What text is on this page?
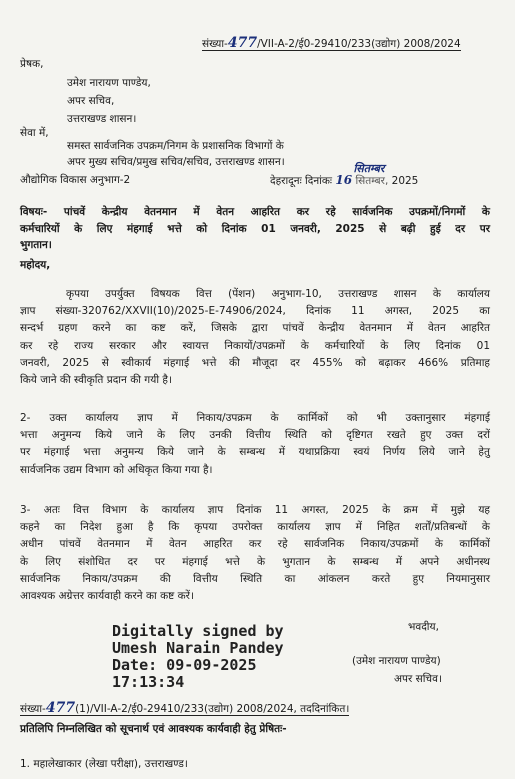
संख्या-477/VII-A-2/ई0-29410/233(उद्योग) 2008/2024
प्रेषक,
उमेश नारायण पाण्डेय,
अपर सचिव,
उत्तराखण्ड शासन।
सेवा में,
समस्त सार्वजनिक उपक्रम/निगम के प्रशासनिक विभागों के
अपर मुख्य सचिव/प्रमुख सचिव/सचिव, उत्तराखण्ड शासन।
औद्योगिक विकास अनुभाग-2	देहरादूनः दिनांकः 16 सितम्बर,
सितम्बर
2025
विषयः- पांचवें केन्द्रीय वेतनमान में वेतन आहरित कर रहे सार्वजनिक उपक्रमों/निगमों के
कर्मचारियों के लिए मंहगाई भत्ते को दिनांक 01 जनवरी, 2025 से बढ़ी हुई दर पर
भुगतान।
महोदय,
कृपया उपर्युक्त विषयक वित्त (पेंशन) अनुभाग-10, उत्तराखण्ड शासन के कार्यालय
ज्ञाप संख्या-320762/XXVII(10)/2025-E-74906/2024, दिनांक 11 अगस्त, 2025 का
सन्दर्भ ग्रहण करने का कष्ट करें, जिसके द्वारा पांचवें केन्द्रीय वेतनमान में वेतन आहरित
कर रहे राज्य सरकार और स्वायत्त निकायों/उपक्रमों के कर्मचारियों के लिए दिनांक 01
जनवरी, 2025 से स्वीकार्य मंहगाई भत्ते की मौजूदा दर 455% को बढ़ाकर 466% प्रतिमाह
किये जाने की स्वीकृति प्रदान की गयी है।
2- उक्त कार्यालय ज्ञाप में निकाय/उपक्रम के कार्मिकों को भी उक्तानुसार मंहगाई
भत्ता अनुमन्य किये जाने के लिए उनकी वित्तीय स्थिति को दृष्टिगत रखते हुए उक्त दरों
पर मंहगाई भत्ता अनुमन्य किये जाने के सम्बन्ध में यथाप्रक्रिया स्वयं निर्णय लिये जाने हेतु
सार्वजनिक उद्यम विभाग को अधिकृत किया गया है।
3- अतः वित्त विभाग के कार्यालय ज्ञाप दिनांक 11 अगस्त, 2025 के क्रम में मुझे यह
कहने का निदेश हुआ है कि कृपया उपरोक्त कार्यालय ज्ञाप में निहित शर्तों/प्रतिबन्धों के
अधीन पांचवें वेतनमान में वेतन आहरित कर रहे सार्वजनिक निकाय/उपक्रमों के कार्मिकों
के लिए संशोधित दर पर मंहगाई भत्ते के भुगतान के सम्बन्ध में अपने अधीनस्थ
सार्वजनिक निकाय/उपक्रम की वित्तीय स्थिति का आंकलन करते हुए नियमानुसार
आवश्यक अग्रेत्तर कार्यवाही करने का कष्ट करें।
भवदीय,
Digitally signed by
Umesh Narain Pandey
Date: 09-09-2025
17:13:34
(उमेश नारायण पाण्डेय)
अपर सचिव।
संख्या-477(1)/VII-A-2/ई0-29410/233(उद्योग) 2008/2024, तददिनांकित।
प्रतिलिपि निम्नलिखित को सूचनार्थ एवं आवश्यक कार्यवाही हेतु प्रेषितः-
1. महालेखाकार (लेखा परीक्षा), उत्तराखण्ड।
